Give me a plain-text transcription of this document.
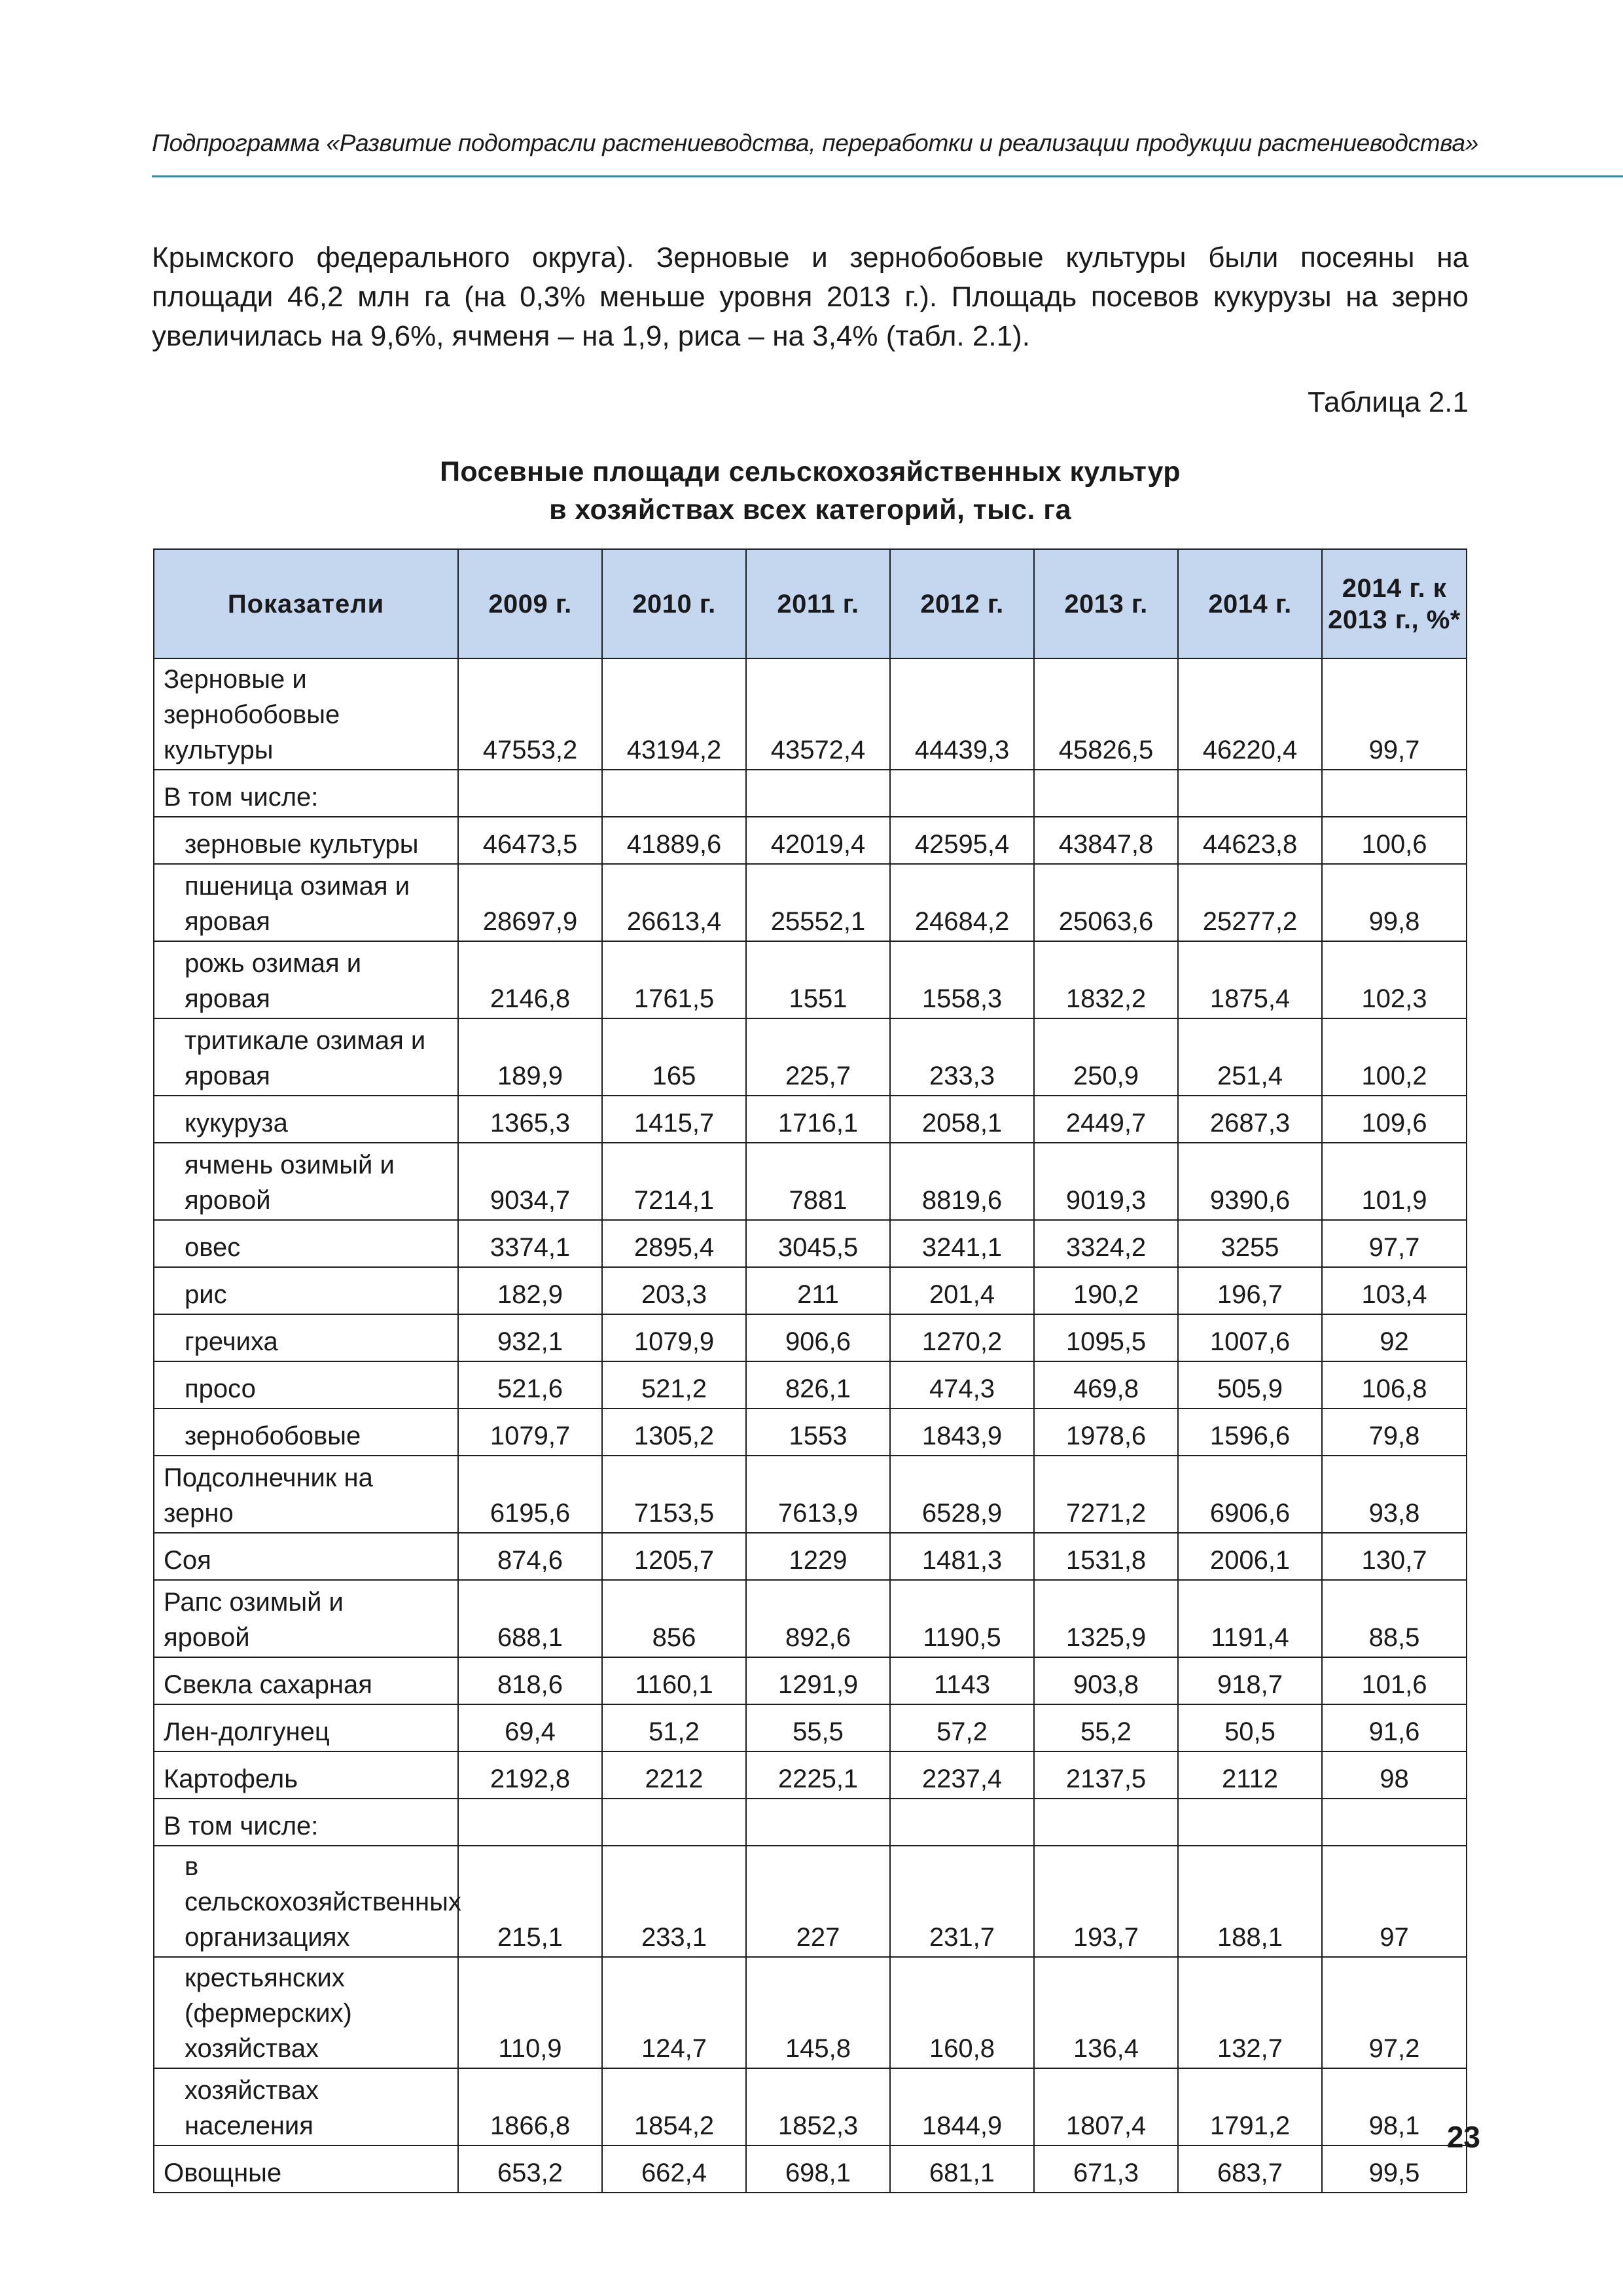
Подпрограмма «Развитие подотрасли растениеводства, переработки и реализации продукции растениеводства»

Крымского федерального округа). Зерновые и зернобобовые культуры были посеяны на площади 46,2 млн га (на 0,3% меньше уровня 2013 г.). Площадь посевов кукурузы на зерно увеличилась на 9,6%, ячменя – на 1,9, риса – на 3,4% (табл. 2.1).

Таблица 2.1
Посевные площади сельскохозяйственных культур
в хозяйствах всех категорий, тыс. га
Показатели	2009 г.	2010 г.	2011 г.	2012 г.	2013 г.	2014 г.	2014 г. к 2013 г., %*
Зерновые и зернобобовые культуры	47553,2	43194,2	43572,4	44439,3	45826,5	46220,4	99,7
В том числе:							
зерновые культуры	46473,5	41889,6	42019,4	42595,4	43847,8	44623,8	100,6
пшеница озимая и яровая	28697,9	26613,4	25552,1	24684,2	25063,6	25277,2	99,8
рожь озимая и яровая	2146,8	1761,5	1551	1558,3	1832,2	1875,4	102,3
тритикале озимая и яровая	189,9	165	225,7	233,3	250,9	251,4	100,2
кукуруза	1365,3	1415,7	1716,1	2058,1	2449,7	2687,3	109,6
ячмень озимый и яровой	9034,7	7214,1	7881	8819,6	9019,3	9390,6	101,9
овес	3374,1	2895,4	3045,5	3241,1	3324,2	3255	97,7
рис	182,9	203,3	211	201,4	190,2	196,7	103,4
гречиха	932,1	1079,9	906,6	1270,2	1095,5	1007,6	92
просо	521,6	521,2	826,1	474,3	469,8	505,9	106,8
зернобобовые	1079,7	1305,2	1553	1843,9	1978,6	1596,6	79,8
Подсолнечник на зерно	6195,6	7153,5	7613,9	6528,9	7271,2	6906,6	93,8
Соя	874,6	1205,7	1229	1481,3	1531,8	2006,1	130,7
Рапс озимый и яровой	688,1	856	892,6	1190,5	1325,9	1191,4	88,5
Свекла сахарная	818,6	1160,1	1291,9	1143	903,8	918,7	101,6
Лен-долгунец	69,4	51,2	55,5	57,2	55,2	50,5	91,6
Картофель	2192,8	2212	2225,1	2237,4	2137,5	2112	98
В том числе:							
в сельскохозяйственных организациях	215,1	233,1	227	231,7	193,7	188,1	97
крестьянских (фермерских) хозяйствах	110,9	124,7	145,8	160,8	136,4	132,7	97,2
хозяйствах населения	1866,8	1854,2	1852,3	1844,9	1807,4	1791,2	98,1
Овощные	653,2	662,4	698,1	681,1	671,3	683,7	99,5
23
